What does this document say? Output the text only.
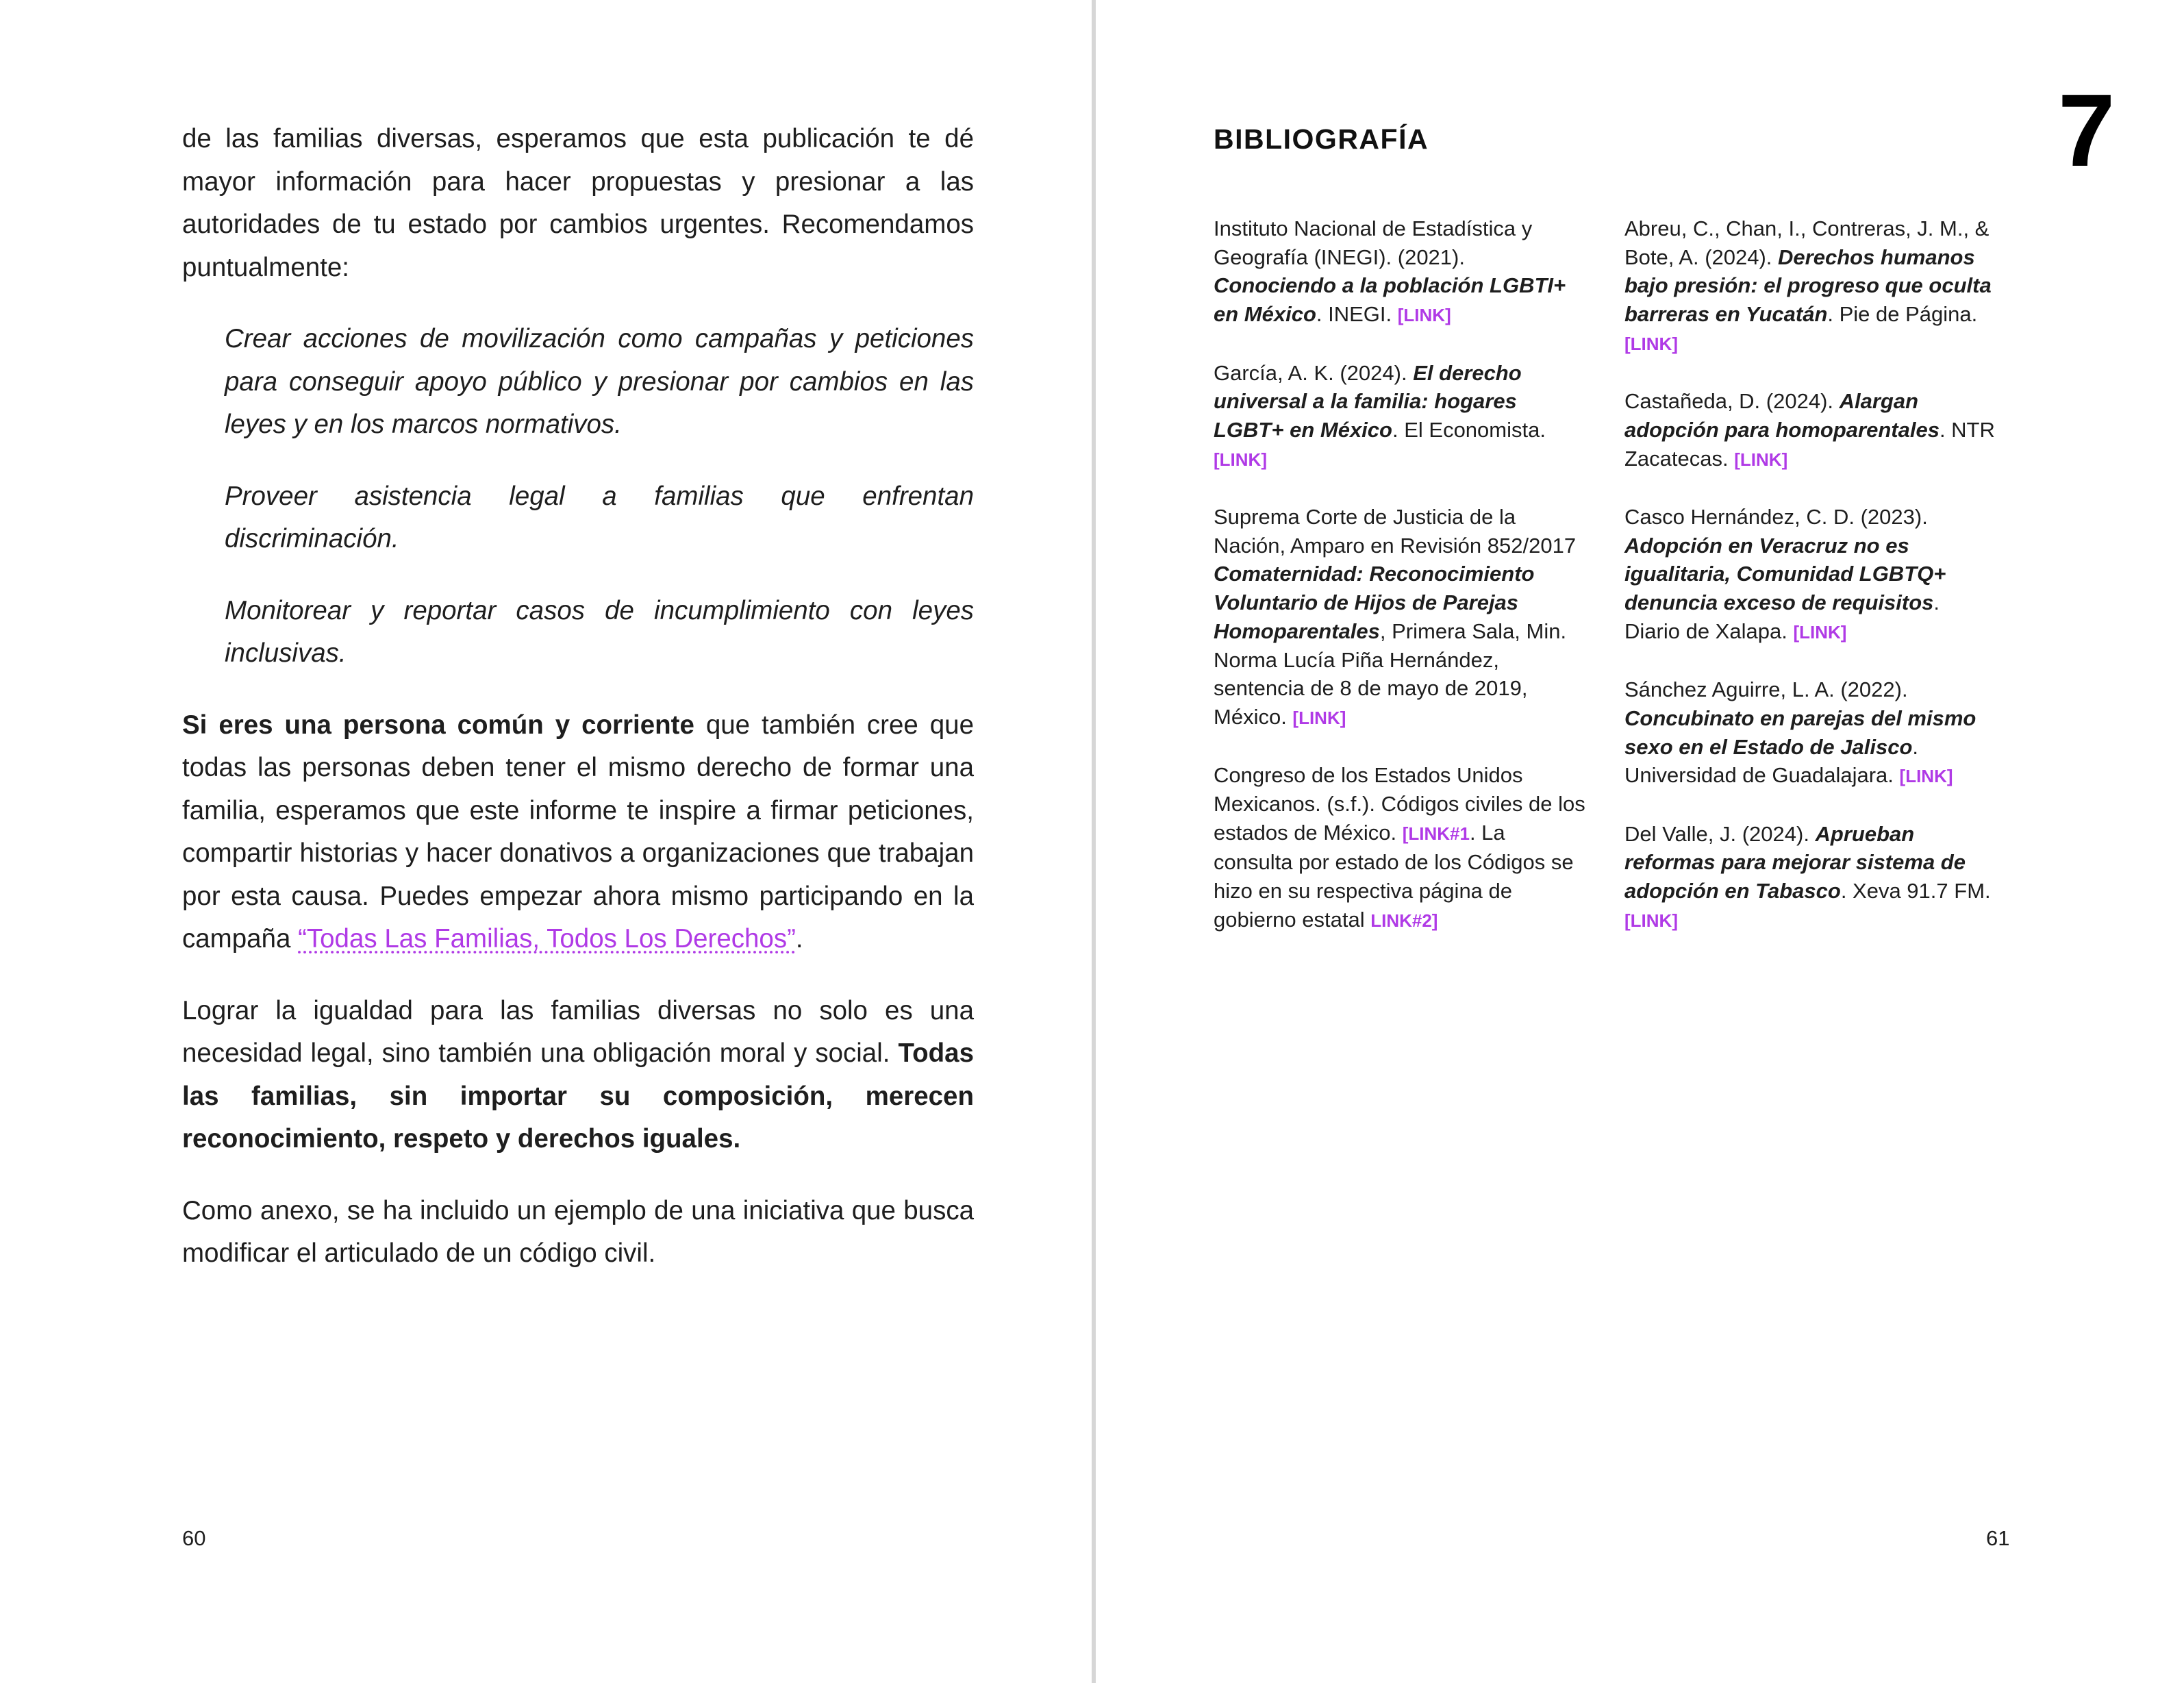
de las familias diversas, esperamos que esta publicación te dé mayor información para hacer propuestas y presionar a las autoridades de tu estado por cambios urgentes. Recomendamos puntualmente:

Crear acciones de movilización como campañas y peticiones para conseguir apoyo público y presionar por cambios en las leyes y en los marcos normativos.

Proveer asistencia legal a familias que enfrentan discriminación.

Monitorear y reportar casos de incumplimiento con leyes inclusivas.

Si eres una persona común y corriente que también cree que todas las personas deben tener el mismo derecho de formar una familia, esperamos que este informe te inspire a firmar peticiones, compartir historias y hacer donativos a organizaciones que trabajan por esta causa. Puedes empezar ahora mismo participando en la campaña “Todas Las Familias, Todos Los Derechos”.

Lograr la igualdad para las familias diversas no solo es una necesidad legal, sino también una obligación moral y social. Todas las familias, sin importar su composición, merecen reconocimiento, respeto y derechos iguales.

Como anexo, se ha incluido un ejemplo de una iniciativa que busca modificar el articulado de un código civil.

60
7
BIBLIOGRAFÍA
Instituto Nacional de Estadística y Geografía (INEGI). (2021). Conociendo a la población LGBTI+ en México. INEGI. [LINK]
García, A. K. (2024). El derecho universal a la familia: hogares LGBT+ en México. El Economista. [LINK]
Suprema Corte de Justicia de la Nación, Amparo en Revisión 852/2017 Comaternidad: Reconocimiento Voluntario de Hijos de Parejas Homoparentales, Primera Sala, Min. Norma Lucía Piña Hernández, sentencia de 8 de mayo de 2019, México. [LINK]
Congreso de los Estados Unidos Mexicanos. (s.f.). Códigos civiles de los estados de México. [LINK#1. La consulta por estado de los Códigos se hizo en su respectiva página de gobierno estatal LINK#2]
Abreu, C., Chan, I., Contreras, J. M., & Bote, A. (2024). Derechos humanos bajo presión: el progreso que oculta barreras en Yucatán. Pie de Página. [LINK]
Castañeda, D. (2024). Alargan adopción para homoparentales. NTR Zacatecas. [LINK]
Casco Hernández, C. D. (2023). Adopción en Veracruz no es igualitaria, Comunidad LGBTQ+ denuncia exceso de requisitos. Diario de Xalapa. [LINK]
Sánchez Aguirre, L. A. (2022). Concubinato en parejas del mismo sexo en el Estado de Jalisco. Universidad de Guadalajara. [LINK]
Del Valle, J. (2024). Aprueban reformas para mejorar sistema de adopción en Tabasco. Xeva 91.7 FM. [LINK]
61
